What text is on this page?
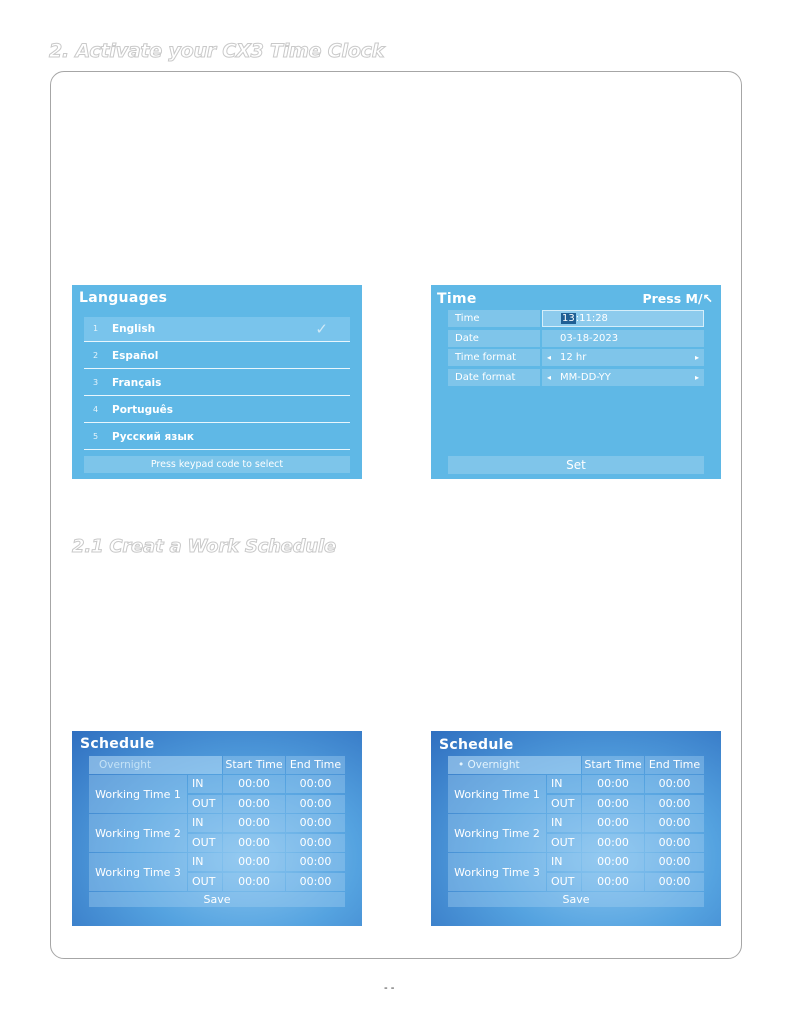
2. Activate your CX3 Time Clock
Languages
1 English	✓
2 Español
3 Français
4 Português
5 Русский язык
Press keypad code to select
Time	Press M/↖
Time	13:11:28
Date	03-18-2023
Time format	◂ 12 hr	▸
Date format	◂ MM-DD-YY	▸
Set
2.1 Creat a Work Schedule
Schedule
Overnight	Start Time End Time
Working Time 1
IN	00:00	00:00
OUT	00:00	00:00
Working Time 2
IN	00:00	00:00
OUT	00:00	00:00
Working Time 3
IN	00:00	00:00
OUT	00:00	00:00
Save
Schedule
• Overnight	Start Time End Time
Working Time 1
IN	00:00	00:00
OUT	00:00	00:00
Working Time 2
IN	00:00	00:00
OUT	00:00	00:00
Working Time 3
IN	00:00	00:00
OUT	00:00	00:00
Save
- -
